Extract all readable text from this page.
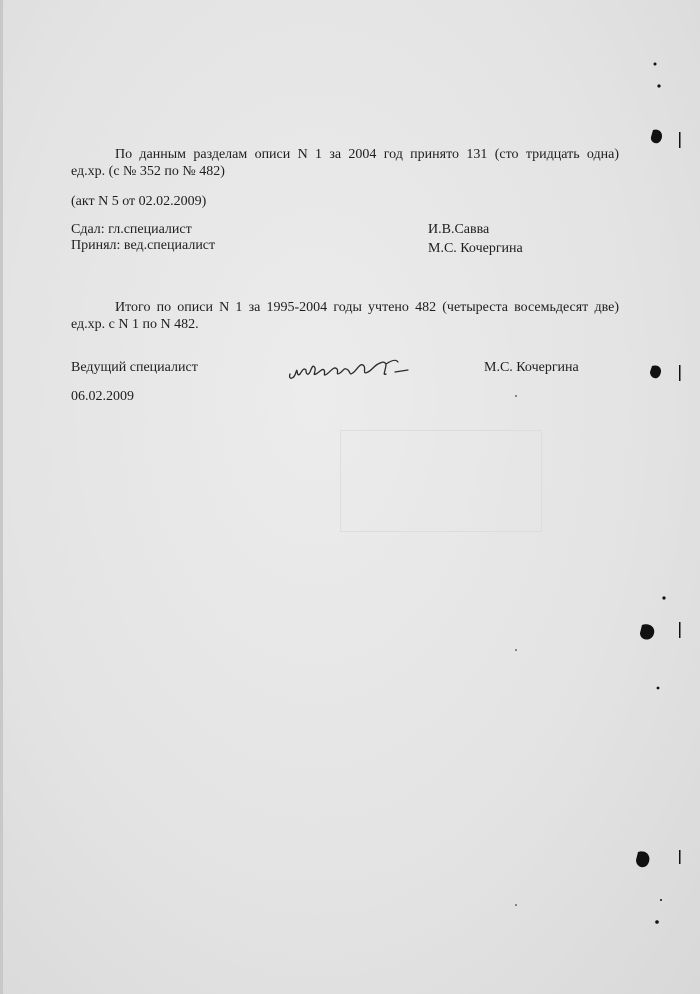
По данным разделам описи N 1 за 2004 год принято 131 (сто тридцать одна)
ед.хр. (с № 352 по № 482)
(акт N 5 от 02.02.2009)
Сдал: гл.специалист
Принял: вед.специалист
И.В.Савва
М.С. Кочергина
Итого по описи N 1 за 1995-2004 годы учтено 482 (четыреста восемьдесят две)
ед.хр. с N 1 по N 482.
Ведущий специалист	М.С. Кочергина
06.02.2009
